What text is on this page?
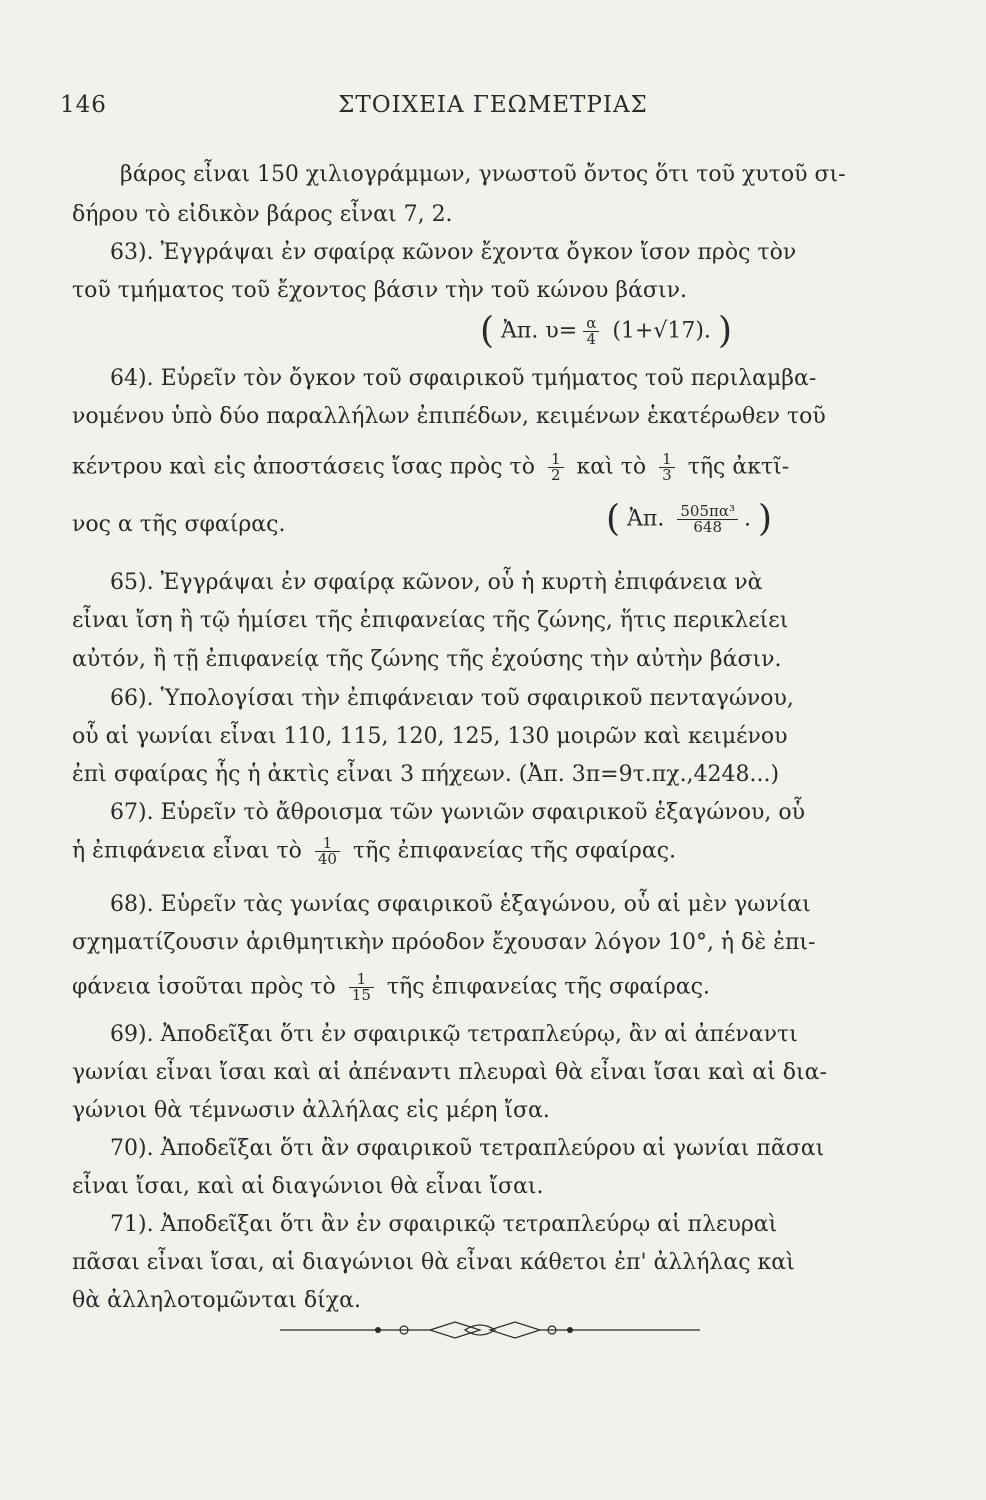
146	ΣΤΟΙΧΕΙΑ ΓΕΩΜΕΤΡΙΑΣ
βάρος εἶναι 150 χιλιογράμμων, γνωστοῦ ὄντος ὅτι τοῦ χυτοῦ σι-
δήρου τὸ εἰδικὸν βάρος εἶναι 7, 2.
63). Ἐγγράψαι ἐν σφαίρᾳ κῶνον ἔχοντα ὄγκον ἴσον πρὸς τὸν
τοῦ τμήματος τοῦ ἔχοντος βάσιν τὴν τοῦ κώνου βάσιν.
( Ἀπ. $\upsilon= \frac{\alpha}{4} (1+√17)$. )
64). Εὑρεῖν τὸν ὄγκον τοῦ σφαιρικοῦ τμήματος τοῦ περιλαμβα-
νομένου ὑπὸ δύο παραλλήλων ἐπιπέδων, κειμένων ἑκατέρωθεν τοῦ
κέντρου καὶ εἰς ἀποστάσεις ἴσας πρὸς τὸ $\frac{1}{2}$ καὶ τὸ $\frac{1}{3}$ τῆς ἀκτῖ-
νος α τῆς σφαίρας.	( Ἀπ. $\frac{\text{505πα³}}{648}$ . )
65). Ἐγγράψαι ἐν σφαίρᾳ κῶνον, οὗ ἡ κυρτὴ ἐπιφάνεια νὰ
εἶναι ἴση ἢ τῷ ἡμίσει τῆς ἐπιφανείας τῆς ζώνης, ἥτις περικλείει
αὐτόν, ἢ τῇ ἐπιφανείᾳ τῆς ζώνης τῆς ἐχούσης τὴν αὐτὴν βάσιν.
66). Ὑπολογίσαι τὴν ἐπιφάνειαν τοῦ σφαιρικοῦ πενταγώνου,
οὗ αἱ γωνίαι εἶναι 110, 115, 120, 125, 130 μοιρῶν καὶ κειμένου
ἐπὶ σφαίρας ἧς ἡ ἀκτὶς εἶναι 3 πήχεων. (Ἀπ. 3π=9τ.πχ.,4248...)
67). Εὑρεῖν τὸ ἄθροισμα τῶν γωνιῶν σφαιρικοῦ ἑξαγώνου, οὗ
ἡ ἐπιφάνεια εἶναι τὸ $\frac{1}{40}$ τῆς ἐπιφανείας τῆς σφαίρας.
68). Εὑρεῖν τὰς γωνίας σφαιρικοῦ ἑξαγώνου, οὗ αἱ μὲν γωνίαι
σχηματίζουσιν ἀριθμητικὴν πρόοδον ἔχουσαν λόγον 10°, ἡ δὲ ἐπι-
φάνεια ἰσοῦται πρὸς τὸ $\frac{1}{15}$ τῆς ἐπιφανείας τῆς σφαίρας.
69). Ἀποδεῖξαι ὅτι ἐν σφαιρικῷ τετραπλεύρῳ, ἂν αἱ ἀπέναντι
γωνίαι εἶναι ἴσαι καὶ αἱ ἀπέναντι πλευραὶ θὰ εἶναι ἴσαι καὶ αἱ δια-
γώνιοι θὰ τέμνωσιν ἀλλήλας εἰς μέρη ἴσα.
70). Ἀποδεῖξαι ὅτι ἂν σφαιρικοῦ τετραπλεύρου αἱ γωνίαι πᾶσαι
εἶναι ἴσαι, καὶ αἱ διαγώνιοι θὰ εἶναι ἴσαι.
71). Ἀποδεῖξαι ὅτι ἂν ἐν σφαιρικῷ τετραπλεύρῳ αἱ πλευραὶ
πᾶσαι εἶναι ἴσαι, αἱ διαγώνιοι θὰ εἶναι κάθετοι ἐπ' ἀλλήλας καὶ
θὰ ἀλληλοτομῶνται δίχα.
